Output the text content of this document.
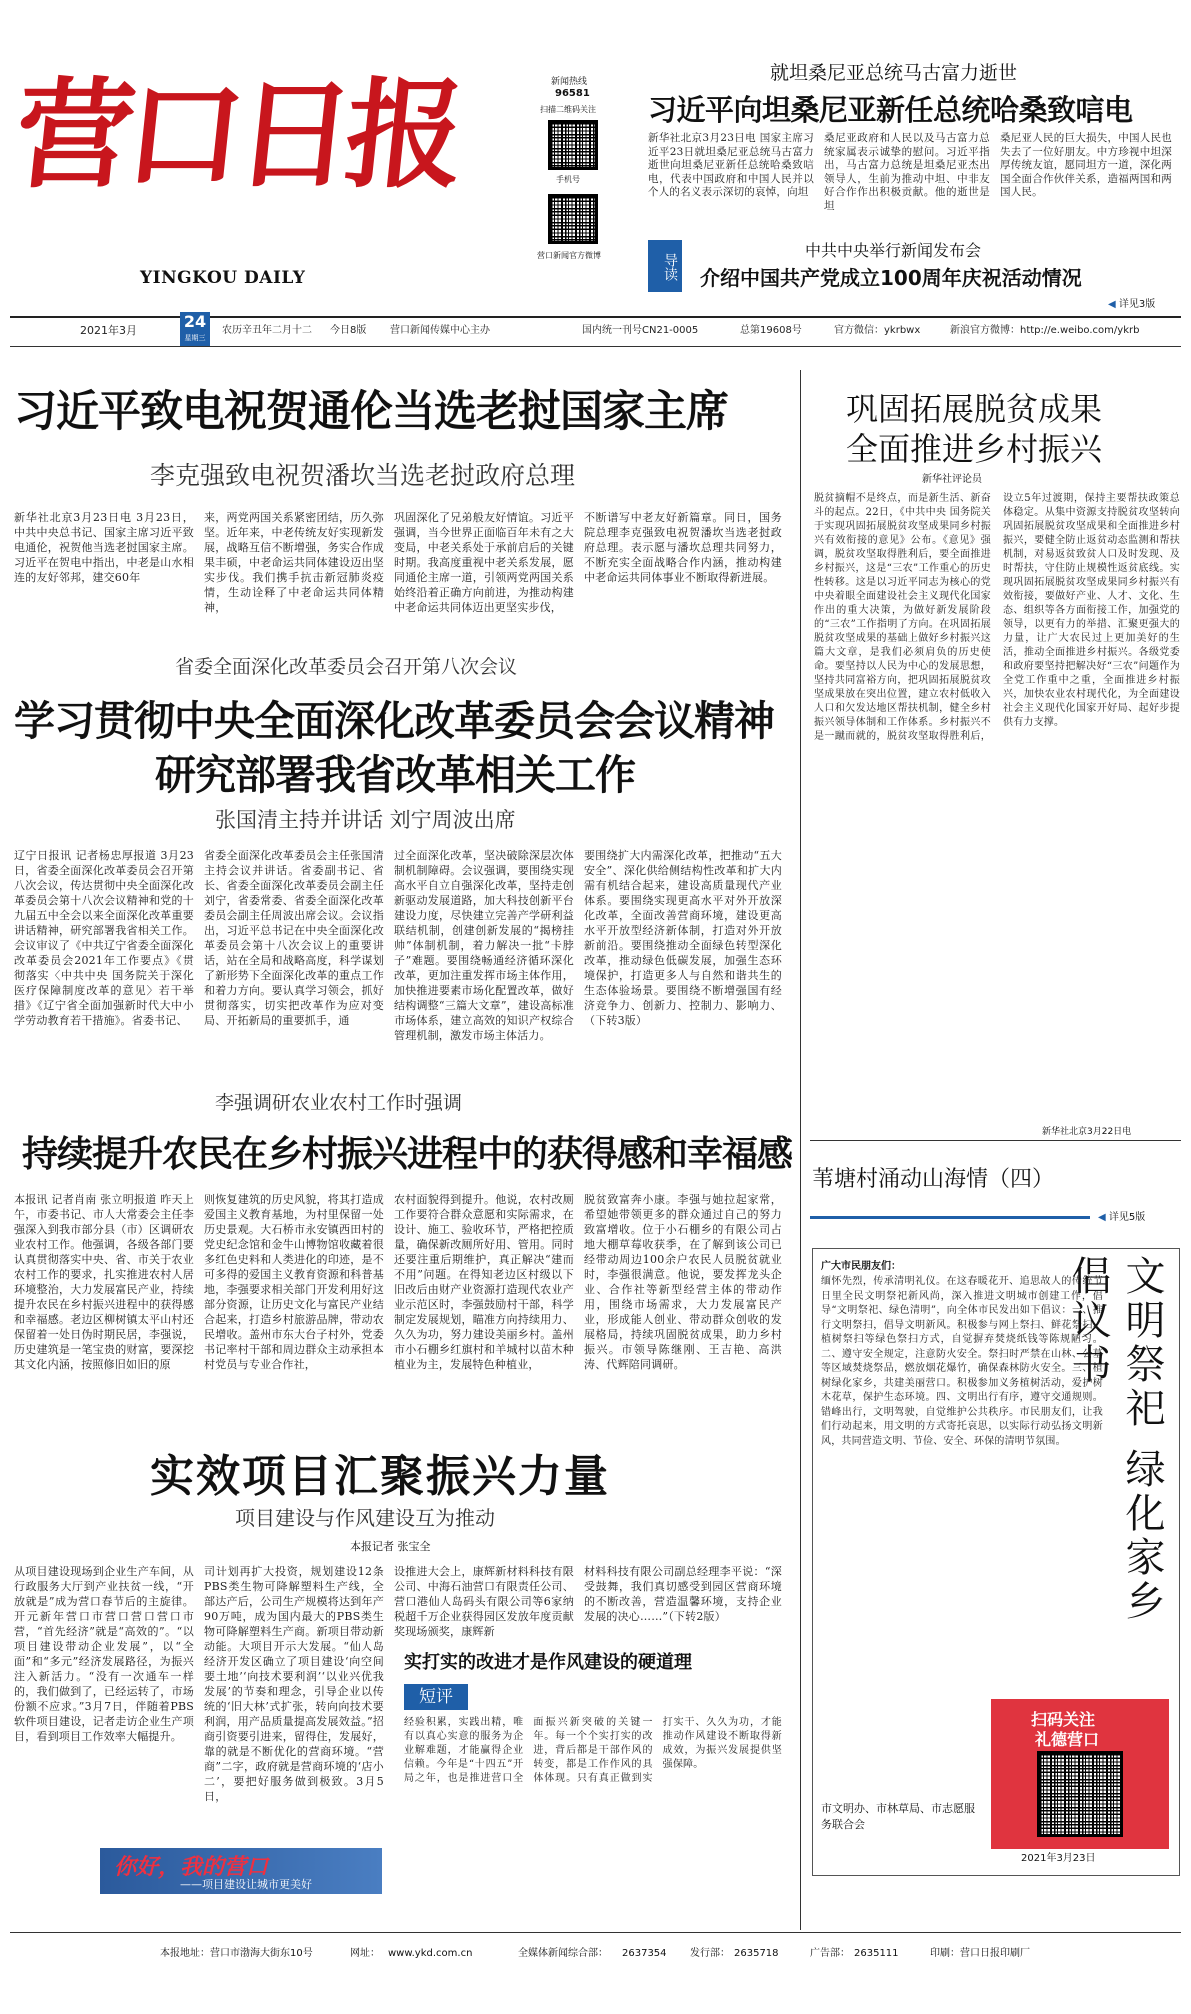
营口日报
YINGKOU DAILY
新闻热线
96581
扫描二维码关注
手机号
营口新闻官方微博
就坦桑尼亚总统马古富力逝世
习近平向坦桑尼亚新任总统哈桑致唁电
新华社北京3月23日电 国家主席习近平23日就坦桑尼亚总统马古富力逝世向坦桑尼亚新任总统哈桑致唁电，代表中国政府和中国人民并以个人的名义表示深切的哀悼，向坦
桑尼亚政府和人民以及马古富力总统家属表示诚挚的慰问。习近平指出，马古富力总统是坦桑尼亚杰出领导人，生前为推动中坦、中非友好合作作出积极贡献。他的逝世是坦
桑尼亚人民的巨大损失，中国人民也失去了一位好朋友。中方珍视中坦深厚传统友谊，愿同坦方一道，深化两国全面合作伙伴关系，造福两国和两国人民。
导读
中共中央举行新闻发布会
介绍中国共产党成立100周年庆祝活动情况
◀ 详见3版
2021年3月	24
星期三
农历辛丑年二月十二 今日8版 营口新闻传媒中心主办	国内统一刊号CN21-0005	总第19608号	官方微信：ykrbwx	新浪官方微博：http://e.weibo.com/ykrb
习近平致电祝贺通伦当选老挝国家主席
李克强致电祝贺潘坎当选老挝政府总理
新华社北京3月23日电 3月23日，中共中央总书记、国家主席习近平致电通伦，祝贺他当选老挝国家主席。习近平在贺电中指出，中老是山水相连的友好邻邦，建交60年
来，两党两国关系紧密团结，历久弥坚。近年来，中老传统友好实现新发展，战略互信不断增强，务实合作成果丰硕，中老命运共同体建设迈出坚实步伐。我们携手抗击新冠肺炎疫情，生动诠释了中老命运共同体精神，
巩固深化了兄弟般友好情谊。习近平强调，当今世界正面临百年未有之大变局，中老关系处于承前启后的关键时期。我高度重视中老关系发展，愿同通伦主席一道，引领两党两国关系始终沿着正确方向前进，为推动构建中老命运共同体迈出更坚实步伐，
不断谱写中老友好新篇章。同日，国务院总理李克强致电祝贺潘坎当选老挝政府总理。表示愿与潘坎总理共同努力，不断充实全面战略合作内涵，推动构建中老命运共同体事业不断取得新进展。
省委全面深化改革委员会召开第八次会议
学习贯彻中央全面深化改革委员会会议精神
研究部署我省改革相关工作
张国清主持并讲话 刘宁周波出席
辽宁日报讯 记者杨忠厚报道 3月23日，省委全面深化改革委员会召开第八次会议，传达贯彻中央全面深化改革委员会第十八次会议精神和党的十九届五中全会以来全面深化改革重要讲话精神，研究部署我省相关工作。会议审议了《中共辽宁省委全面深化改革委员会2021年工作要点》《贯彻落实〈中共中央 国务院关于深化医疗保障制度改革的意见〉若干举措》《辽宁省全面加强新时代大中小学劳动教育若干措施》。省委书记、
省委全面深化改革委员会主任张国清主持会议并讲话。省委副书记、省长、省委全面深化改革委员会副主任刘宁，省委常委、省委全面深化改革委员会副主任周波出席会议。会议指出，习近平总书记在中央全面深化改革委员会第十八次会议上的重要讲话，站在全局和战略高度，科学谋划了新形势下全面深化改革的重点工作和着力方向。要认真学习领会，抓好贯彻落实，切实把改革作为应对变局、开拓新局的重要抓手，通
过全面深化改革，坚决破除深层次体制机制障碍。会议强调，要围绕实现高水平自立自强深化改革，坚持走创新驱动发展道路，加大科技创新平台建设力度，尽快建立完善产学研利益联结机制，创建创新发展的“揭榜挂帅”体制机制，着力解决一批“卡脖子”难题。要围绕畅通经济循环深化改革，更加注重发挥市场主体作用，加快推进要素市场化配置改革，做好结构调整“三篇大文章”，建设高标准市场体系，建立高效的知识产权综合管理机制，激发市场主体活力。
要围绕扩大内需深化改革，把推动“五大安全”、深化供给侧结构性改革和扩大内需有机结合起来，建设高质量现代产业体系。要围绕实现更高水平对外开放深化改革，全面改善营商环境，建设更高水平开放型经济新体制，打造对外开放新前沿。要围绕推动全面绿色转型深化改革，推动绿色低碳发展，加强生态环境保护，打造更多人与自然和谐共生的生态体验场景。要围绕不断增强国有经济竞争力、创新力、控制力、影响力、（下转3版）
李强调研农业农村工作时强调
持续提升农民在乡村振兴进程中的获得感和幸福感
本报讯 记者肖南 张立明报道 昨天上午，市委书记、市人大常委会主任李强深入到我市部分县（市）区调研农业农村工作。他强调，各级各部门要认真贯彻落实中央、省、市关于农业农村工作的要求，扎实推进农村人居环境整治，大力发展富民产业，持续提升农民在乡村振兴进程中的获得感和幸福感。老边区柳树镇太平山村还保留着一处日伪时期民居，李强说，历史建筑是一笔宝贵的财富，要深挖其文化内涵，按照修旧如旧的原
则恢复建筑的历史风貌，将其打造成爱国主义教育基地，为村里保留一处历史景观。大石桥市永安镇西田村的党史纪念馆和金牛山博物馆收藏着很多红色史料和人类进化的印迹，是不可多得的爱国主义教育资源和科普基地，李强要求相关部门开发利用好这部分资源，让历史文化与富民产业结合起来，打造乡村旅游品牌，带动农民增收。盖州市东大台子村外，党委书记率村干部和周边群众主动承担本村党员与专业合作社，
农村面貌得到提升。他说，农村改厕工作要符合群众意愿和实际需求，在设计、施工、验收环节，严格把控质量，确保新改厕所好用、管用。同时还要注重后期维护，真正解决“建而不用”问题。在得知老边区村级以下旧改后由财产业资源打造现代农业产业示范区时，李强鼓励村干部，科学制定发展规划，瞄准方向持续用力、久久为功，努力建设美丽乡村。盖州市小石棚乡红旗村和羊城村以苗木种植业为主，发展特色种植业，
脱贫致富奔小康。李强与她拉起家常，希望她带领更多的群众通过自己的努力致富增收。位于小石棚乡的有限公司占地大棚草莓收获季，在了解到该公司已经带动周边100余户农民人员脱贫就业时，李强很满意。他说，要发挥龙头企业、合作社等新型经营主体的带动作用，围绕市场需求，大力发展富民产业，形成能人创业、带动群众创收的发展格局，持续巩固脱贫成果，助力乡村振兴。市领导陈继刚、王吉艳、高洪涛、代辉陪同调研。
实效项目汇聚振兴力量
项目建设与作风建设互为推动
本报记者 张宝全
从项目建设现场到企业生产车间，从行政服务大厅到产业扶贫一线，“开放就是”成为营口春节后的主旋律。开元新年营口市营口营口营口市营，“首先经济”就是“高效的”。“以项目建设带动企业发展”，以“全面”和“多元”经济发展路径，为振兴注入新活力。“没有一次通车一样的，我们做到了，已经运转了，市场份额不应求。”3月7日，伴随着PBS软件项目建设，记者走访企业生产项目，看到项目工作效率大幅提升。
司计划再扩大投资，规划建设12条PBS类生物可降解塑料生产线，全部达产后，公司生产规模将达到年产90万吨，成为国内最大的PBS类生物可降解塑料生产商。新项目带动新动能。大项目开示大发展。“仙人岛经济开发区确立了项目建设‘向空间要土地’‘向技术要利润’‘以业兴优我发展’的节奏和理念，引导企业以传统的‘旧大林’式扩张，转向向技术要利润，用产品质量提高发展效益。”招商引资要引进来，留得住，发展好，靠的就是不断优化的营商环境。“营商”二字，政府就是营商环境的‘店小二’，要把好服务做到极致。3月5日，
设推进大会上，康辉新材料科技有限公司、中海石油营口有限责任公司、营口港仙人岛码头有限公司等6家纳税超千万企业获得园区发放年度贡献奖现场颁奖，康辉新
材料科技有限公司副总经理李平说：“深受鼓舞，我们真切感受到园区营商环境的不断改善，营造温馨环境，支持企业发展的决心……”（下转2版）
实打实的改进才是作风建设的硬道理
短评
经验积累，实践出精，唯有以真心实意的服务为企业解难题，才能赢得企业信赖。今年是“十四五”开局之年，也是推进营口全面振兴新突破的关键一年。每一个个实打实的改进，背后都是干部作风的转变，都是工作作风的具体体现。只有真正做到实打实干、久久为功，才能推动作风建设不断取得新成效，为振兴发展提供坚强保障。
你好，我的营口
——项目建设让城市更美好
巩固拓展脱贫成果
全面推进乡村振兴
新华社评论员
脱贫摘帽不是终点，而是新生活、新奋斗的起点。22日，《中共中央 国务院关于实现巩固拓展脱贫攻坚成果同乡村振兴有效衔接的意见》公布。《意见》强调，脱贫攻坚取得胜利后，要全面推进乡村振兴，这是“三农”工作重心的历史性转移。这是以习近平同志为核心的党中央着眼全面建设社会主义现代化国家作出的重大决策，为做好新发展阶段的“三农”工作指明了方向。在巩固拓展脱贫攻坚成果的基础上做好乡村振兴这篇大文章，是我们必须肩负的历史使命。要坚持以人民为中心的发展思想，坚持共同富裕方向，把巩固拓展脱贫攻坚成果放在突出位置，建立农村低收入人口和欠发达地区帮扶机制，健全乡村振兴领导体制和工作体系。乡村振兴不是一蹴而就的，脱贫攻坚取得胜利后，设立5年过渡期，保持主要帮扶政策总体稳定。从集中资源支持脱贫攻坚转向巩固拓展脱贫攻坚成果和全面推进乡村振兴，要健全防止返贫动态监测和帮扶机制，对易返贫致贫人口及时发现、及时帮扶，守住防止规模性返贫底线。实现巩固拓展脱贫攻坚成果同乡村振兴有效衔接，要做好产业、人才、文化、生态、组织等各方面衔接工作，加强党的领导，以更有力的举措、汇聚更强大的力量，让广大农民过上更加美好的生活，推动全面推进乡村振兴。各级党委和政府要坚持把解决好“三农”问题作为全党工作重中之重，全面推进乡村振兴，加快农业农村现代化，为全面建设社会主义现代化国家开好局、起好步提供有力支撑。
新华社北京3月22日电
苇塘村涌动山海情（四）
◀ 详见5版
广大市民朋友们：
缅怀先烈，传承清明礼仪。在这春暖花开、追思故人的传统节日里全民文明祭祀新风尚，深入推进文明城市创建工作，倡导“文明祭祀、绿色清明”，向全体市民发出如下倡议：一、推行文明祭扫，倡导文明新风。积极参与网上祭扫、鲜花祭扫、植树祭扫等绿色祭扫方式，自觉摒弃焚烧纸钱等陈规陋习。二、遵守安全规定，注意防火安全。祭扫时严禁在山林、公墓等区域焚烧祭品，燃放烟花爆竹，确保森林防火安全。三、植树绿化家乡，共建美丽营口。积极参加义务植树活动，爱护树木花草，保护生态环境。四、文明出行有序，遵守交通规则。错峰出行，文明驾驶，自觉维护公共秩序。市民朋友们，让我们行动起来，用文明的方式寄托哀思，以实际行动弘扬文明新风，共同营造文明、节俭、安全、环保的清明节氛围。	文明祭祀 绿化家乡倡议书
市文明办、市林草局、市志愿服务联合会
2021年3月23日
扫码关注
礼德营口
本报地址：营口市渤海大街东10号	网址： www.ykd.com.cn	全媒体新闻综合部： 2637354 发行部： 2635718	广告部： 2635111	印刷：营口日报印刷厂
